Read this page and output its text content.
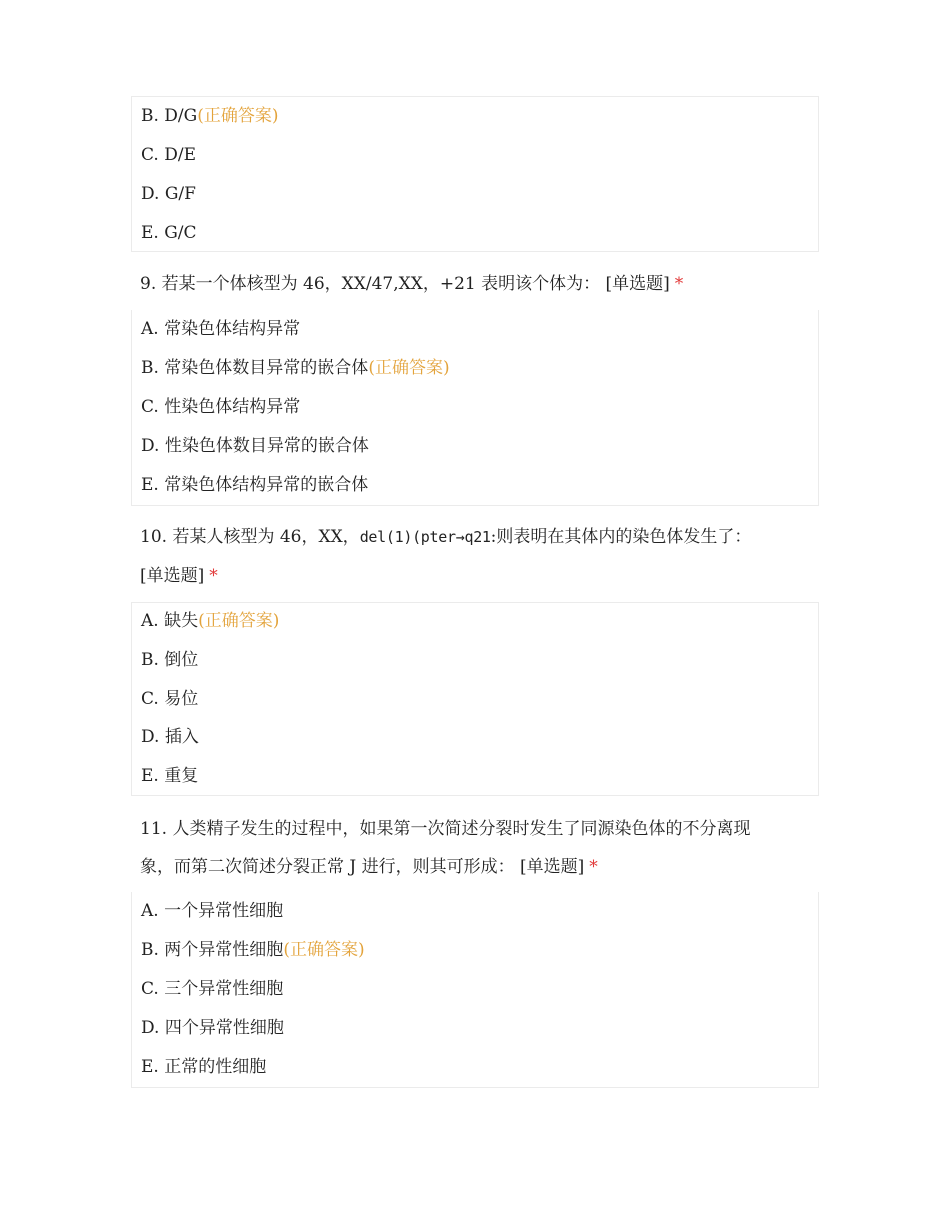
B. D/G(正确答案)
C. D/E
D. G/F
E. G/C
9. 若某一个体核型为 46，XX/47,XX，+21 表明该个体为： [单选题] *
A. 常染色体结构异常
B. 常染色体数目异常的嵌合体(正确答案)
C. 性染色体结构异常
D. 性染色体数目异常的嵌合体
E. 常染色体结构异常的嵌合体
10. 若某人核型为 46，XX，del(1)(pter→q21:则表明在其体内的染色体发生了：
[单选题] *
A. 缺失(正确答案)
B. 倒位
C. 易位
D. 插入
E. 重复
11. 人类精子发生的过程中，如果第一次简述分裂时发生了同源染色体的不分离现
象，而第二次简述分裂正常 J 进行，则其可形成： [单选题] *
A. 一个异常性细胞
B. 两个异常性细胞(正确答案)
C. 三个异常性细胞
D. 四个异常性细胞
E. 正常的性细胞
